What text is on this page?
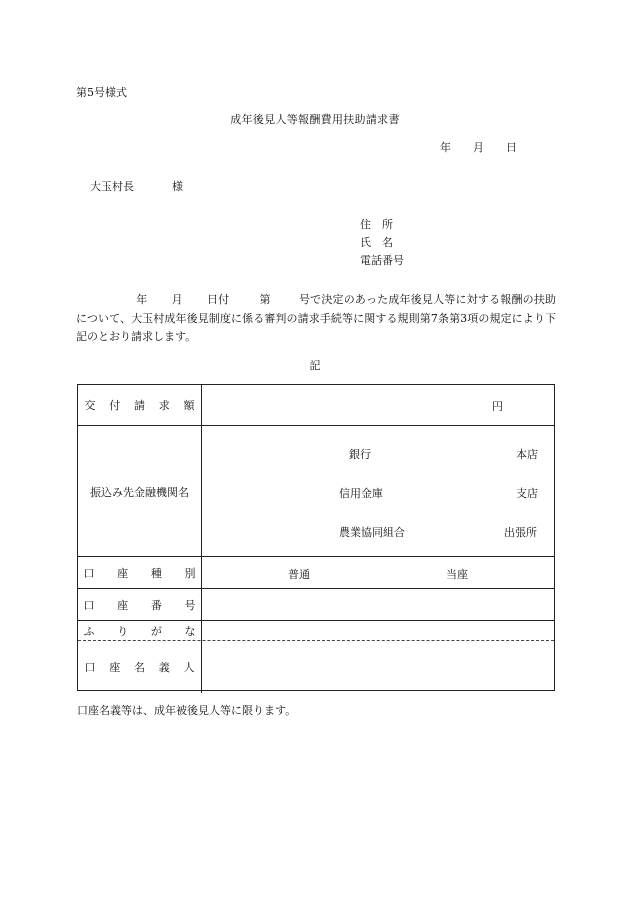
第5号様式
成年後見人等報酬費用扶助請求書
年 月 日
大玉村長	様
住　所
氏　名
電話番号
年 月 日付	第	号で決定のあった成年後見人等に対する報酬の扶助について、大玉村成年後見制度に係る審判の請求手続等に関する規則第7条第3項の規定により下記のとおり請求します。
記
交 付 請 求 額	円
振込み先金融機関名
銀行	本店
信用金庫	支店
農業協同組合	出張所
口 座 種 別	普通	当座
口 座 番 号
ふ り が な
口 座 名 義 人
口座名義等は、成年被後見人等に限ります。
